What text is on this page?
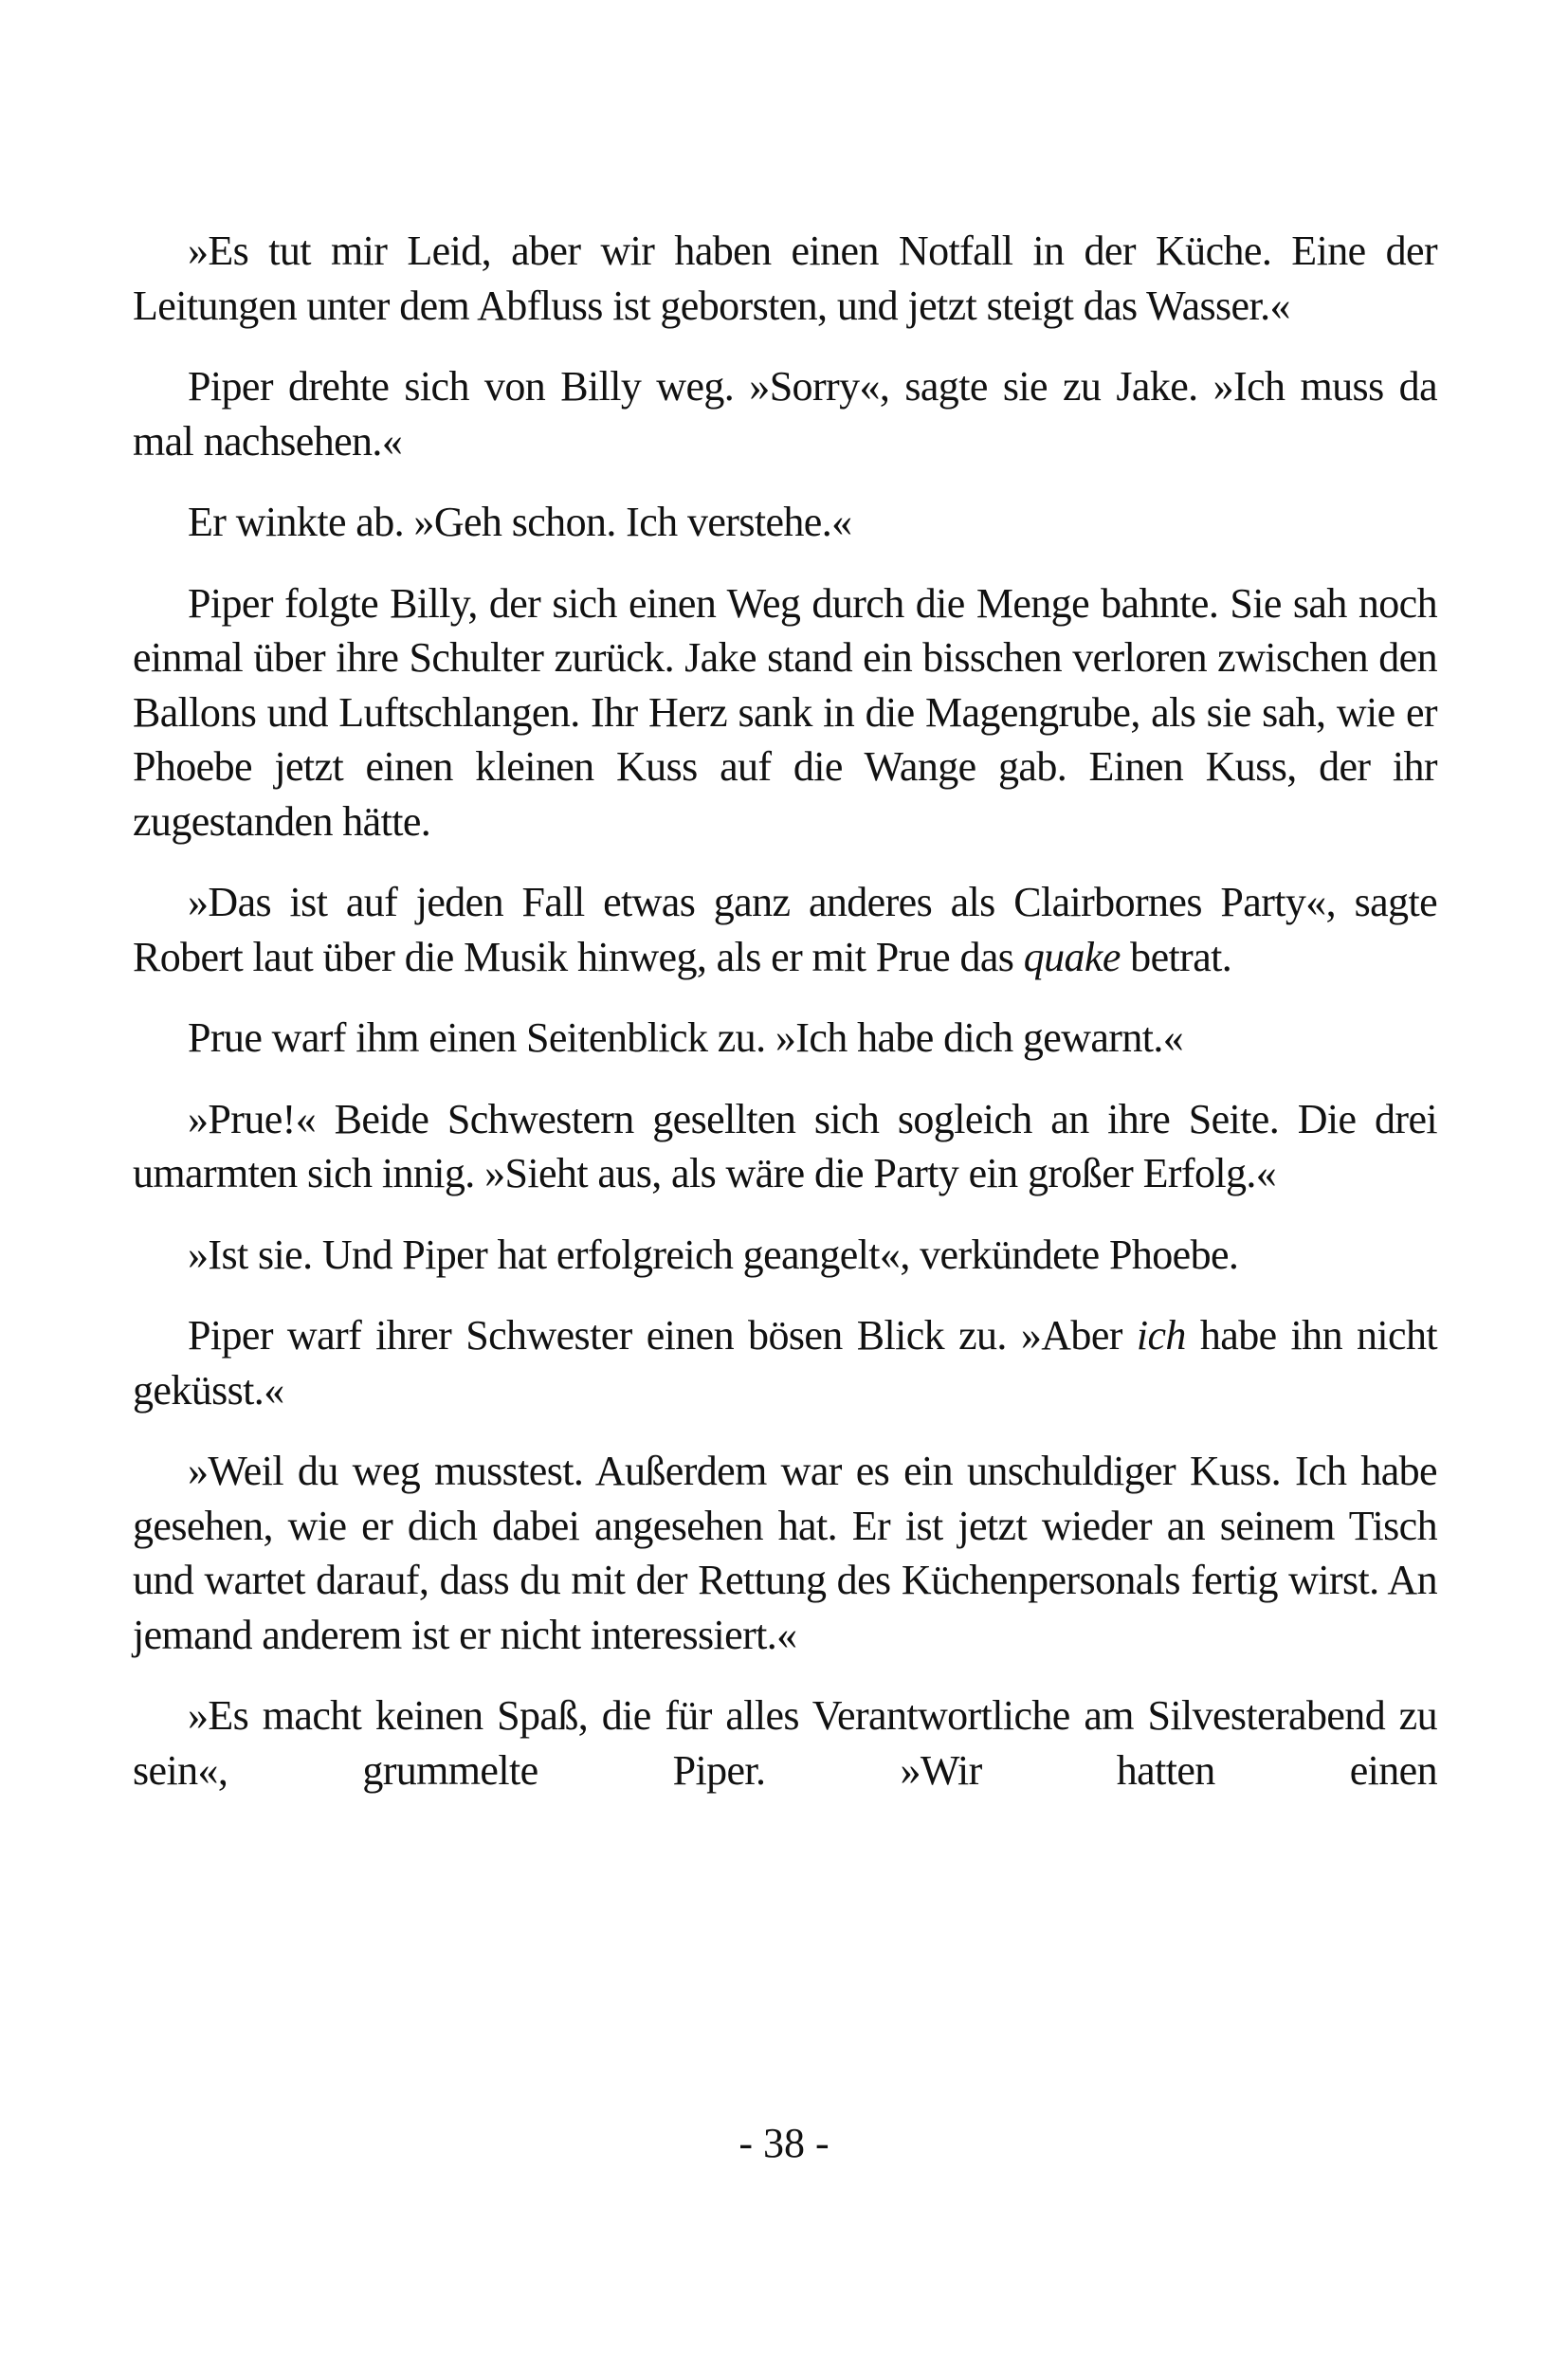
»Es tut mir Leid, aber wir haben einen Notfall in der Küche. Eine der Leitungen unter dem Abfluss ist geborsten, und jetzt steigt das Wasser.«

Piper drehte sich von Billy weg. »Sorry«, sagte sie zu Jake. »Ich muss da mal nachsehen.«

Er winkte ab. »Geh schon. Ich verstehe.«

Piper folgte Billy, der sich einen Weg durch die Menge bahnte. Sie sah noch einmal über ihre Schulter zurück. Jake stand ein bisschen verloren zwischen den Ballons und Luftschlangen. Ihr Herz sank in die Magengrube, als sie sah, wie er Phoebe jetzt einen kleinen Kuss auf die Wange gab. Einen Kuss, der ihr zugestanden hätte.

»Das ist auf jeden Fall etwas ganz anderes als Clairbornes Party«, sagte Robert laut über die Musik hinweg, als er mit Prue das quake betrat.

Prue warf ihm einen Seitenblick zu. »Ich habe dich gewarnt.«

»Prue!« Beide Schwestern gesellten sich sogleich an ihre Seite. Die drei umarmten sich innig. »Sieht aus, als wäre die Party ein großer Erfolg.«

»Ist sie. Und Piper hat erfolgreich geangelt«, verkündete Phoebe.

Piper warf ihrer Schwester einen bösen Blick zu. »Aber ich habe ihn nicht geküsst.«

»Weil du weg musstest. Außerdem war es ein unschuldiger Kuss. Ich habe gesehen, wie er dich dabei angesehen hat. Er ist jetzt wieder an seinem Tisch und wartet darauf, dass du mit der Rettung des Küchenpersonals fertig wirst. An jemand anderem ist er nicht interessiert.«

»Es macht keinen Spaß, die für alles Verantwortliche am Silvesterabend zu sein«, grummelte Piper. »Wir hatten einen

- 38 -
